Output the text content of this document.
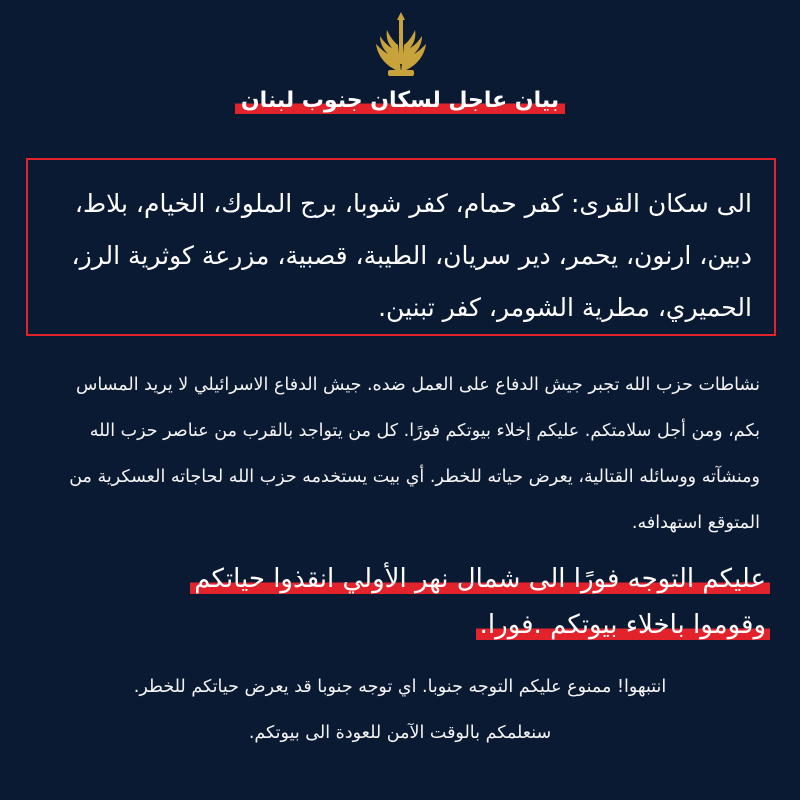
بيان عاجل لسكان جنوب لبنان
الى سكان القرى: كفر حمام، كفر شوبا، برج الملوك، الخيام، بلاط، دبين، ارنون، يحمر، دير سريان، الطيبة، قصبية، مزرعة كوثرية الرز، الحميري، مطرية الشومر، كفر تبنين.
نشاطات حزب الله تجبر جيش الدفاع على العمل ضده. جيش الدفاع الاسرائيلي لا يريد المساس بكم، ومن أجل سلامتكم. عليكم إخلاء بيوتكم فورًا. كل من يتواجد بالقرب من عناصر حزب الله ومنشآته ووسائله القتالية، يعرض حياته للخطر. أي بيت يستخدمه حزب الله لحاجاته العسكرية من المتوقع استهدافه.
عليكم التوجه فورًا الى شمال نهر الأولي انقذوا حياتكم
وقوموا باخلاء بيوتكم .فورا.
انتبهوا! ممنوع عليكم التوجه جنوبا. اي توجه جنوبا قد يعرض حياتكم للخطر.
سنعلمكم بالوقت الآمن للعودة الى بيوتكم.
